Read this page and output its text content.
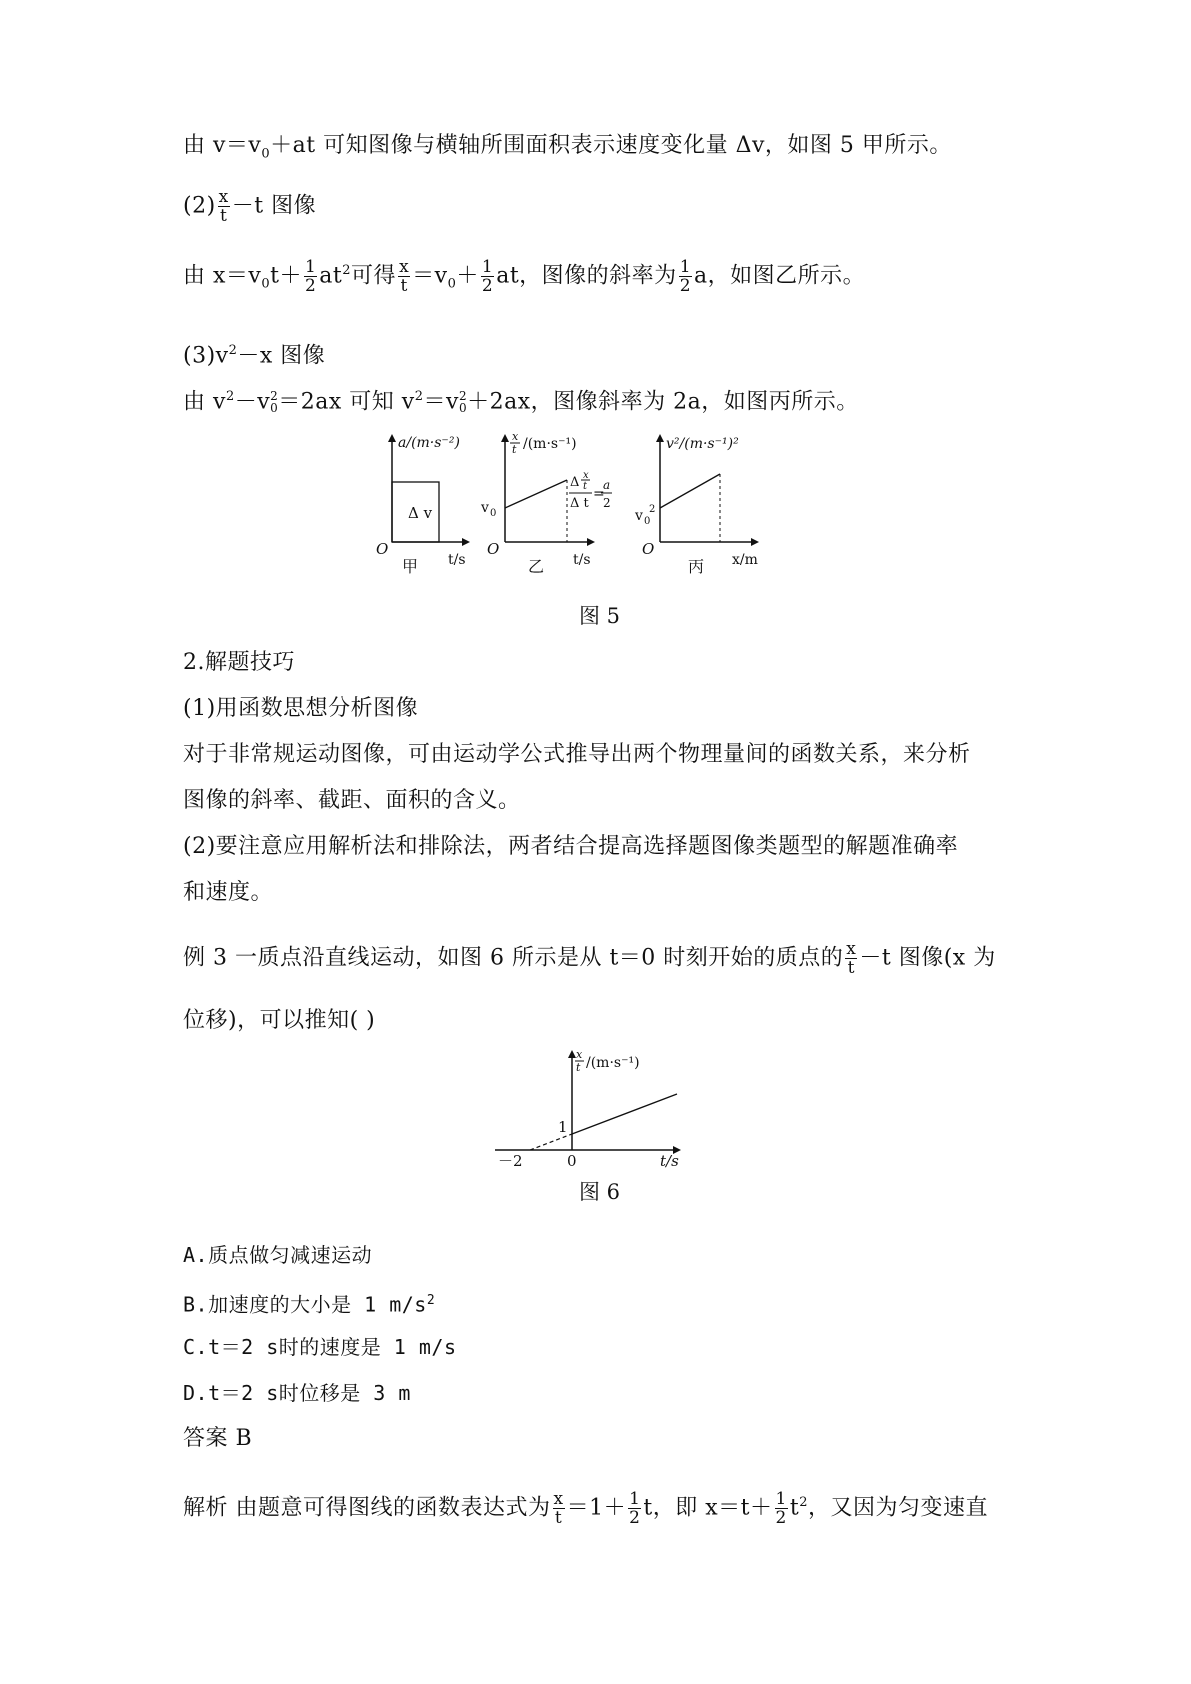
由 $v=v_0+at$ 可知图像与横轴所围面积表示速度变化量 Δv，如图 5 甲所示。
$(2) \frac{x}{t} -t$ 图像
由 $x=v_0t+ \frac{1}{2} at^2$可得 $\frac{x}{t} =v_0+ \frac{1}{2}$ at，图像的斜率为 $\frac{1}{2}$ a，如图乙所示。
$(3)v^2-x$ 图像
由 $v^2-v$ 2
0 ＝2ax 可知 $v^2=v$ 2
0 ＋2ax，图像斜率为 2a，如图丙所示。
a/(m·s⁻²)
Δ v
O
t/s
甲
x
t /(m·s⁻¹)
v 0
O
t/s
乙
Δ x
t
Δ t
=
a
2
v²/(m·s⁻¹)²
v 0
2
O
x/m
丙
图 5
2.解题技巧
(1)用函数思想分析图像
对于非常规运动图像，可由运动学公式推导出两个物理量间的函数关系，来分析
图像的斜率、截距、面积的含义。
(2)要注意应用解析法和排除法，两者结合提高选择题图像类题型的解题准确率
和速度。
例 3 一质点沿直线运动，如图 6 所示是从 t＝0 时刻开始的质点的 $\frac{x}{t} -t$ 图像(x 为
位移)，可以推知( )
x
t /(m·s⁻¹)
1
－2	0	t/s
图 6
A.质点做匀减速运动
B.加速度的大小是 1 $m/s^2$
C.t＝2 s时的速度是 1 m/s
D.t＝2 s时位移是 3 m
答案 B
解析 由题意可得图线的函数表达式为 $\frac{x}{t} =1+ \frac{1}{2}$ t，即 $x=t+ \frac{1}{2} t^2$，又因为匀变速直
